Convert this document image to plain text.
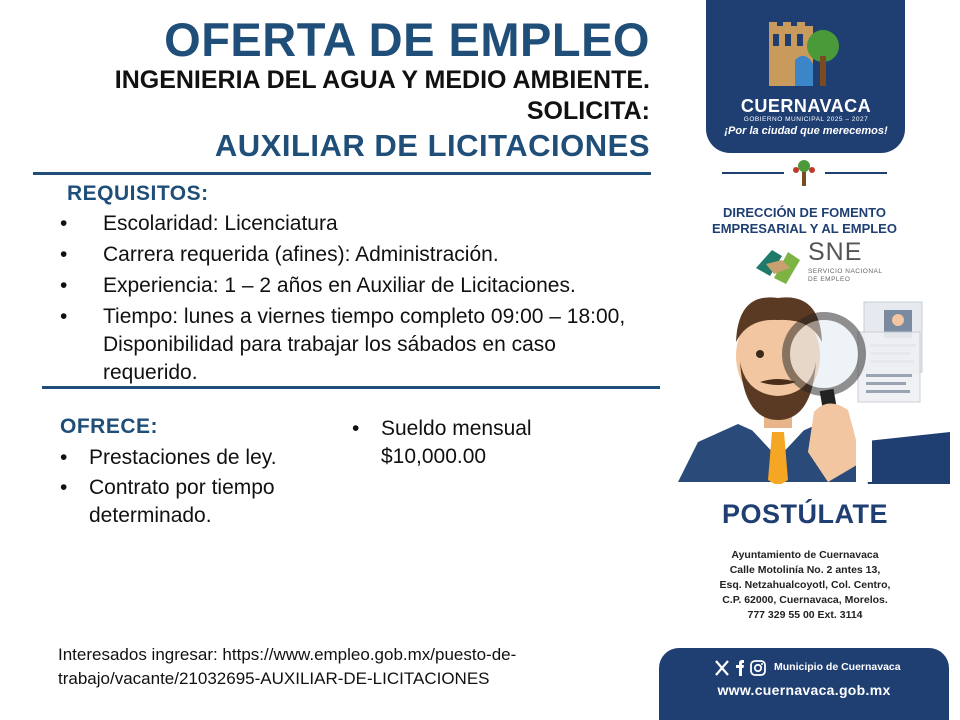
OFERTA DE EMPLEO
INGENIERIA DEL AGUA Y MEDIO AMBIENTE.
SOLICITA:
AUXILIAR DE LICITACIONES
REQUISITOS:
• Escolaridad: Licenciatura
• Carrera requerida (afines): Administración.
• Experiencia: 1 – 2 años en Auxiliar de Licitaciones.
• Tiempo: lunes a viernes tiempo completo 09:00 – 18:00, Disponibilidad para trabajar los sábados en caso requerido.
OFRECE:
• Prestaciones de ley.
• Contrato por tiempo determinado.
• Sueldo mensual $10,000.00
Interesados ingresar: https://www.empleo.gob.mx/puesto-de-trabajo/vacante/21032695-AUXILIAR-DE-LICITACIONES
CUERNAVACA
GOBIERNO MUNICIPAL 2025 – 2027
¡Por la ciudad que merecemos!
DIRECCIÓN DE FOMENTO EMPRESARIAL Y AL EMPLEO
SNE
SERVICIO NACIONAL
DE EMPLEO
POSTÚLATE
Ayuntamiento de Cuernavaca
Calle Motolinía No. 2 antes 13,
Esq. Netzahualcoyotl, Col. Centro,
C.P. 62000, Cuernavaca, Morelos.
777 329 55 00 Ext. 3114
Municipio de Cuernavaca
www.cuernavaca.gob.mx
